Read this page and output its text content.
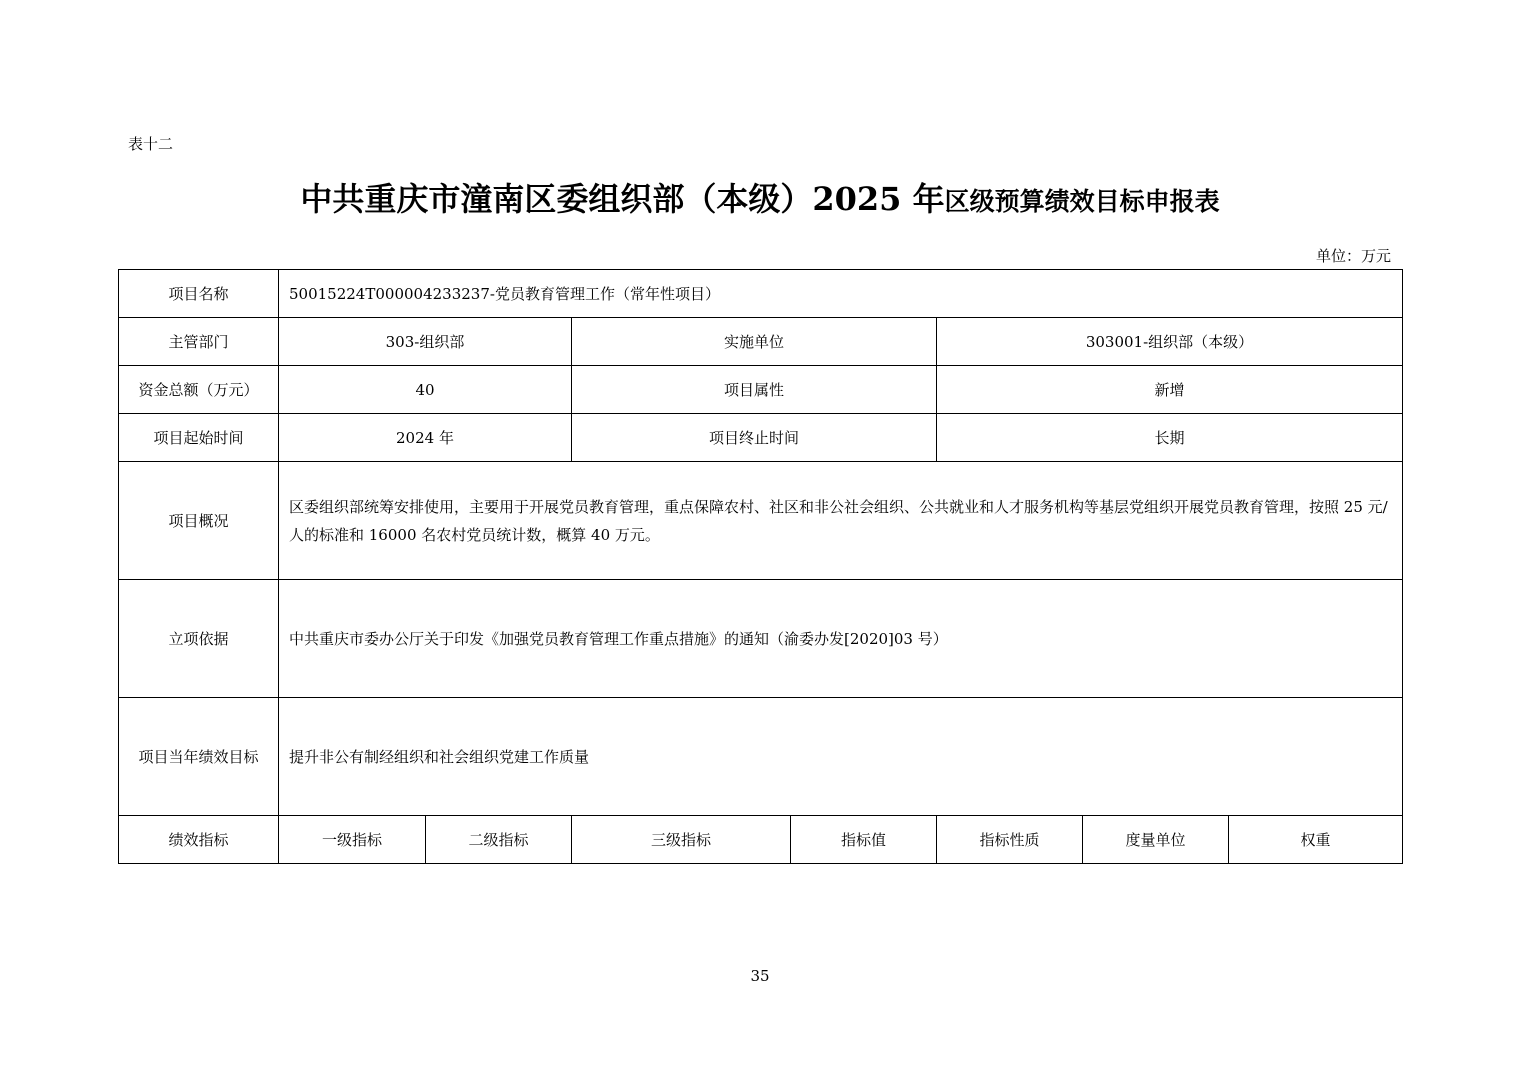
表十二
中共重庆市潼南区委组织部（本级）2025 年区级预算绩效目标申报表
单位：万元
项目名称	50015224T000004233237-党员教育管理工作（常年性项目）						
主管部门	303-组织部		实施单位		303001-组织部（本级）		
资金总额（万元）	40		项目属性		新增		
项目起始时间	2024 年		项目终止时间		长期		
项目概况	区委组织部统筹安排使用，主要用于开展党员教育管理，重点保障农村、社区和非公社会组织、公共就业和人才服务机构等基层党组织开展党员教育管理，按照 25 元/人的标准和 16000 名农村党员统计数，概算 40 万元。						
立项依据	中共重庆市委办公厅关于印发《加强党员教育管理工作重点措施》的通知（渝委办发[2020]03 号）						
项目当年绩效目标	提升非公有制经组织和社会组织党建工作质量						
绩效指标	一级指标	二级指标	三级指标	指标值	指标性质	度量单位	权重
35
